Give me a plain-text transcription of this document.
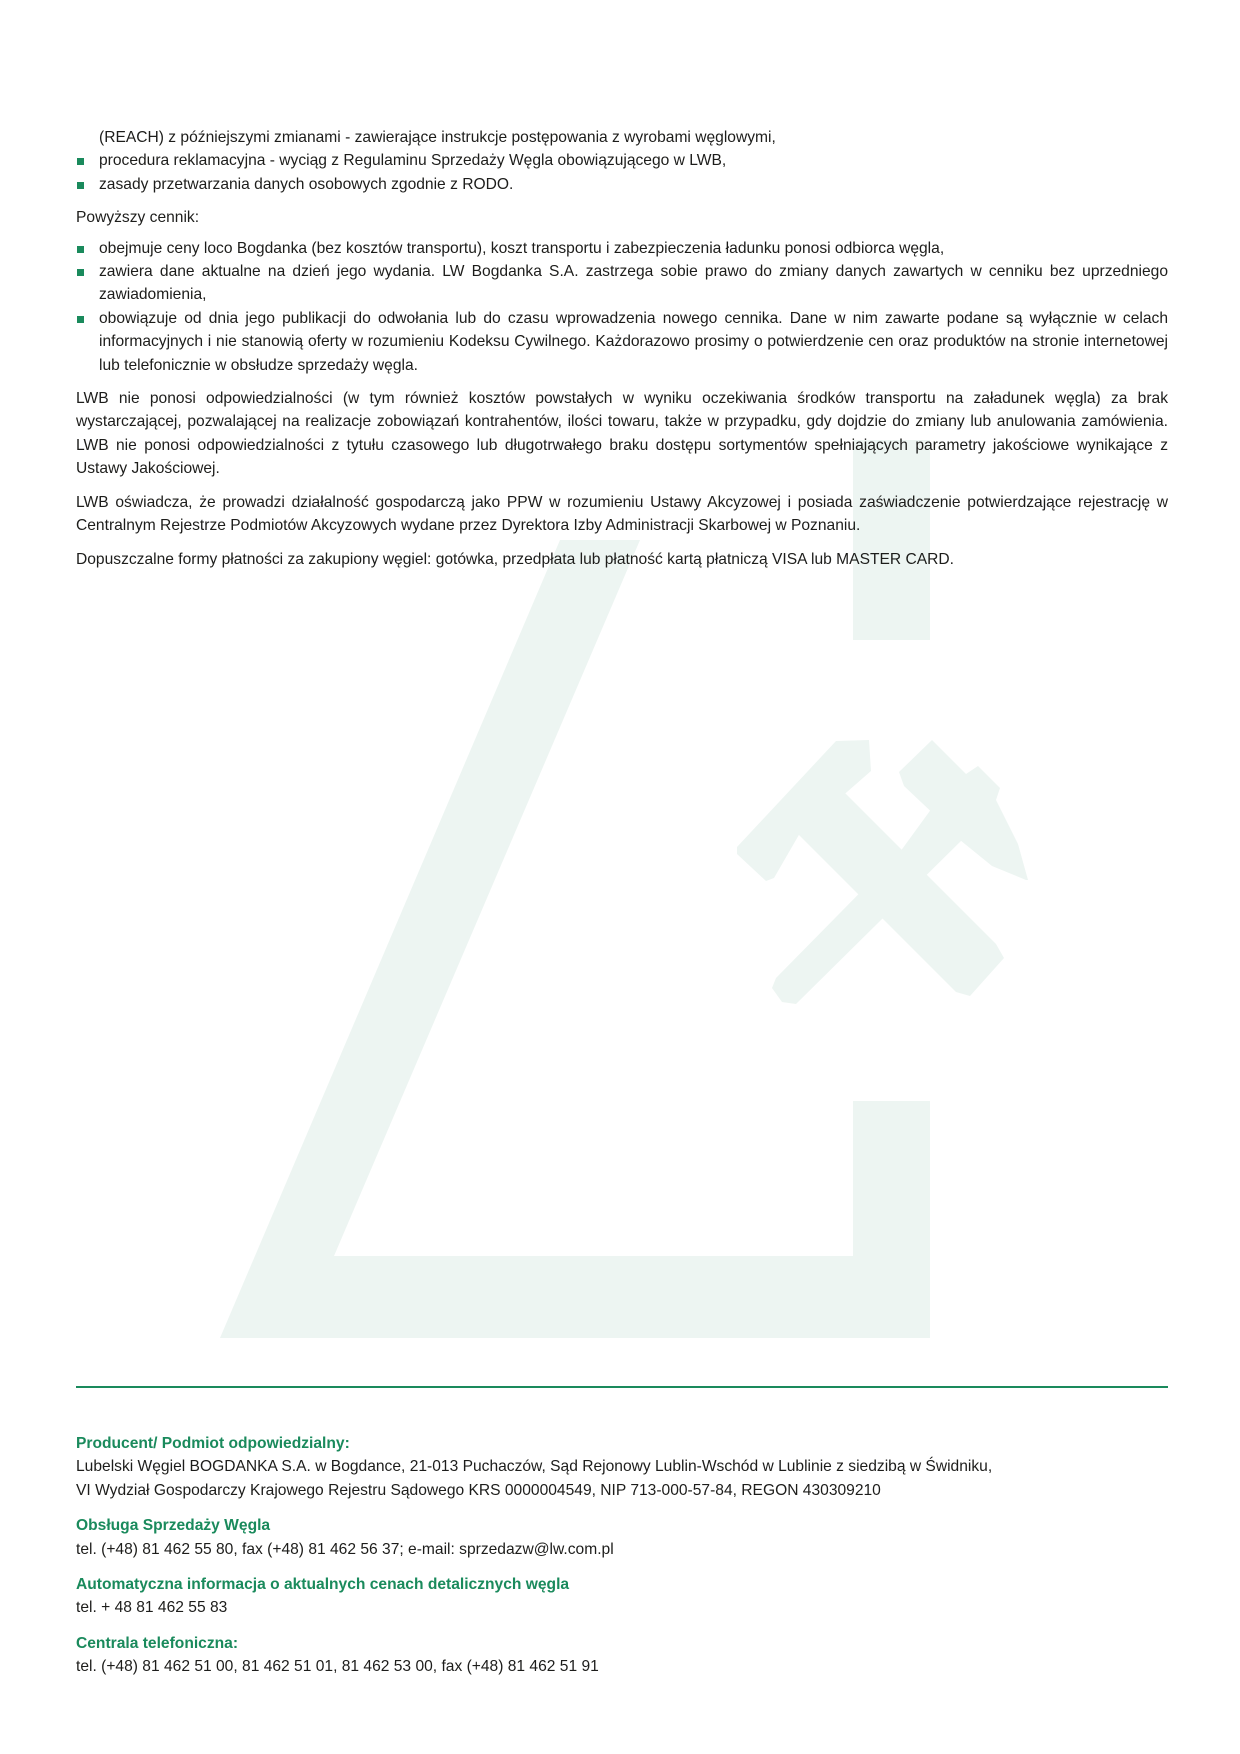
(REACH) z późniejszymi zmianami - zawierające instrukcje postępowania z wyrobami węglowymi,
procedura reklamacyjna - wyciąg z Regulaminu Sprzedaży Węgla obowiązującego w LWB,
zasady przetwarzania danych osobowych zgodnie z RODO.

Powyższy cennik:

obejmuje ceny loco Bogdanka (bez kosztów transportu), koszt transportu i zabezpieczenia ładunku ponosi odbiorca węgla,
zawiera dane aktualne na dzień jego wydania. LW Bogdanka S.A. zastrzega sobie prawo do zmiany danych zawartych w cenniku bez uprzedniego zawiadomienia,
obowiązuje od dnia jego publikacji do odwołania lub do czasu wprowadzenia nowego cennika. Dane w nim zawarte podane są wyłącznie w celach informacyjnych i nie stanowią oferty w rozumieniu Kodeksu Cywilnego. Każdorazowo prosimy o potwierdzenie cen oraz produktów na stronie internetowej lub telefonicznie w obsłudze sprzedaży węgla.

LWB nie ponosi odpowiedzialności (w tym również kosztów powstałych w wyniku oczekiwania środków transportu na załadunek węgla) za brak wystarczającej, pozwalającej na realizacje zobowiązań kontrahentów, ilości towaru, także w przypadku, gdy dojdzie do zmiany lub anulowania zamówienia. LWB nie ponosi odpowiedzialności z tytułu czasowego lub długotrwałego braku dostępu sortymentów spełniających parametry jakościowe wynikające z Ustawy Jakościowej.

LWB oświadcza, że prowadzi działalność gospodarczą jako PPW w rozumieniu Ustawy Akcyzowej i posiada zaświadczenie potwierdzające rejestrację w Centralnym Rejestrze Podmiotów Akcyzowych wydane przez Dyrektora Izby Administracji Skarbowej w Poznaniu.

Dopuszczalne formy płatności za zakupiony węgiel: gotówka, przedpłata lub płatność kartą płatniczą VISA lub MASTER CARD.

Producent/ Podmiot odpowiedzialny:

Lubelski Węgiel BOGDANKA S.A. w Bogdance, 21-013 Puchaczów, Sąd Rejonowy Lublin-Wschód w Lublinie z siedzibą w Świdniku,

VI Wydział Gospodarczy Krajowego Rejestru Sądowego KRS 0000004549, NIP 713-000-57-84, REGON 430309210

Obsługa Sprzedaży Węgla

tel. (+48) 81 462 55 80, fax (+48) 81 462 56 37; e-mail: sprzedazw@lw.com.pl

Automatyczna informacja o aktualnych cenach detalicznych węgla

tel. + 48 81 462 55 83

Centrala telefoniczna:

tel. (+48) 81 462 51 00, 81 462 51 01, 81 462 53 00, fax (+48) 81 462 51 91
